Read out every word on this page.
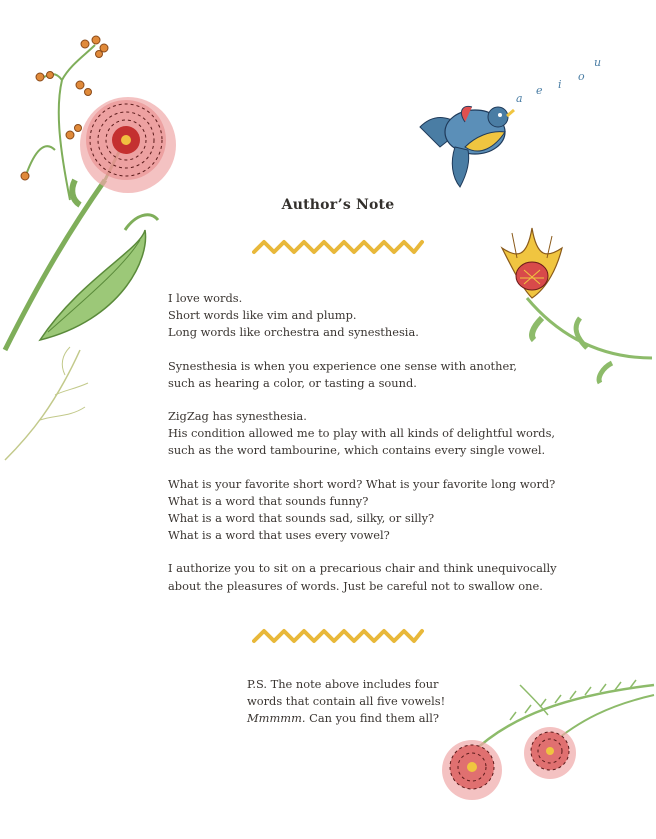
a
e i
o
u
Author’s Note

I love words.
Short words like vim and plump.
Long words like orchestra and synesthesia.

Synesthesia is when you experience one sense with another,
such as hearing a color, or tasting a sound.

ZigZag has synesthesia.
His condition allowed me to play with all kinds of delightful words,
such as the word tambourine, which contains every single vowel.

What is your favorite short word? What is your favorite long word?
What is a word that sounds funny?
What is a word that sounds sad, silky, or silly?
What is a word that uses every vowel?

I authorize you to sit on a precarious chair and think unequivocally
about the pleasures of words. Just be careful not to swallow one.

P.S. The note above includes four
words that contain all five vowels!
Mmmmm. Can you find them all?
